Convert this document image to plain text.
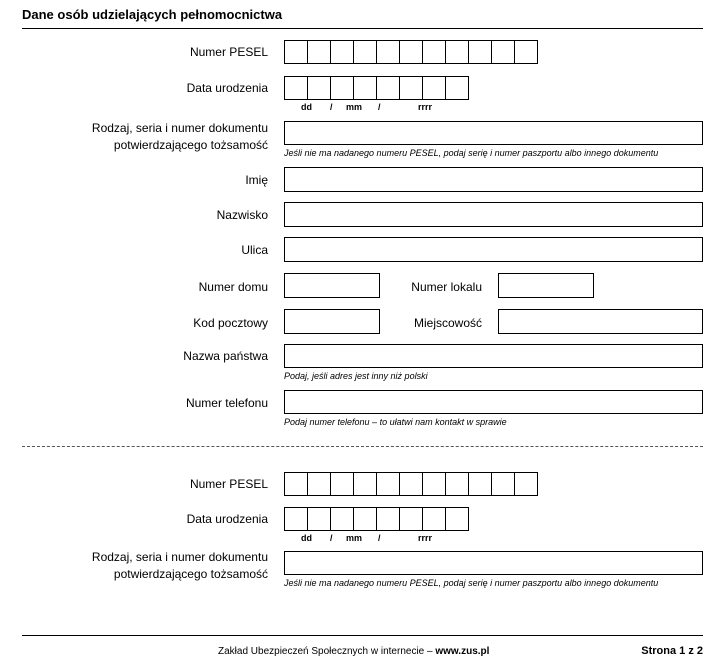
Dane osób udzielających pełnomocnictwa
Numer PESEL
Data urodzenia
dd / mm /	rrrr
Rodzaj, seria i numer dokumentu
potwierdzającego tożsamość
Jeśli nie ma nadanego numeru PESEL, podaj serię i numer paszportu albo innego dokumentu
Imię
Nazwisko
Ulica
Numer domu	Numer lokalu
Kod pocztowy	Miejscowość
Nazwa państwa
Podaj, jeśli adres jest inny niż polski
Numer telefonu
Podaj numer telefonu – to ułatwi nam kontakt w sprawie
Numer PESEL
Data urodzenia
dd / mm /	rrrr
Rodzaj, seria i numer dokumentu
potwierdzającego tożsamość
Jeśli nie ma nadanego numeru PESEL, podaj serię i numer paszportu albo innego dokumentu
Zakład Ubezpieczeń Społecznych w internecie – www.zus.pl	Strona 1 z 2
